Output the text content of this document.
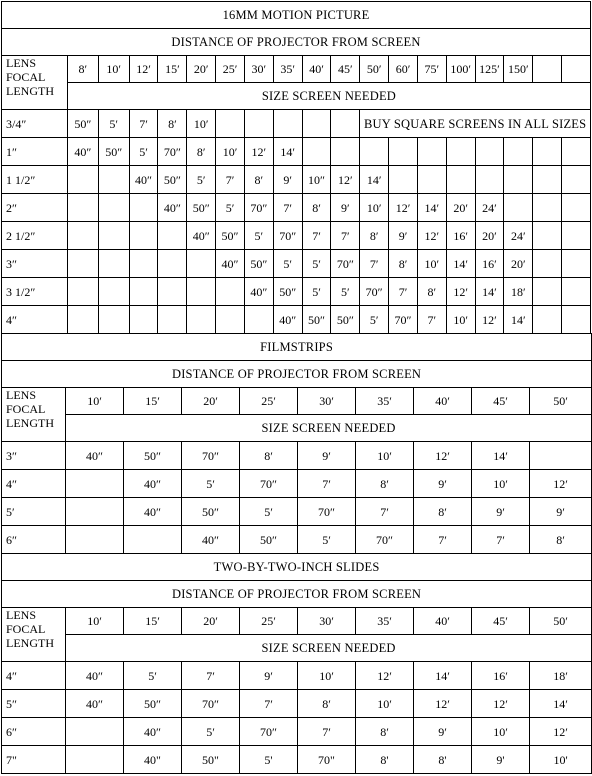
16MM MOTION PICTURE																		
DISTANCE OF PROJECTOR FROM SCREEN																		
LENS FOCAL LENGTH	8′	10′	12′	15′	20′	25′	30′	35′	40′	45′	50′	60′	75′	100′	125′	150′		
	SIZE SCREEN NEEDED																	
3/4″	50″	5′	7′	8′	10′						BUY SQUARE SCREENS IN ALL SIZES							
1″	40″	50″	5′	70″	8′	10′	12′	14′										
1 1/2″			40″	50″	5′	7′	8′	9′	10″	12′	14′							
2″				40″	50″	5′	70″	7′	8′	9′	10′	12′	14′	20′	24′			
2 1/2″					40″	50″	5′	70″	7′	7′	8′	9′	12′	16′	20′	24′		
3″						40″	50″	5′	5′	70″	7′	8′	10′	14′	16′	20′		
3 1/2″							40″	50″	5′	5′	70″	7′	8′	12′	14′	18′		
4″								40″	50″	50″	5′	70″	7′	10′	12′	14′		
FILMSTRIPS									
DISTANCE OF PROJECTOR FROM SCREEN									
LENS FOCAL LENGTH	10′	15′	20′	25′	30′	35′	40′	45′	50′
	SIZE SCREEN NEEDED								
3″	40″	50″	70″	8′	9′	10′	12′	14′	
4″		40″	5′	70″	7′	8′	9′	10′	12′
5′		40″	50″	5′	70″	7′	8′	9′	9′
6″			40″	50″	5′	70″	7′	7′	8′
TWO-BY-TWO-INCH SLIDES									
DISTANCE OF PROJECTOR FROM SCREEN									
LENS FOCAL LENGTH	10′	15′	20′	25′	30′	35′	40′	45′	50′
	SIZE SCREEN NEEDED								
4″	40″	5′	7′	9′	10′	12′	14′	16′	18′
5″	40″	50″	70″	7′	8′	10′	12′	12′	14′
6″		40″	5′	70″	7′	8′	9′	10′	12′
7"		40"	50"	5'	70"	8'	8'	9'	10'
